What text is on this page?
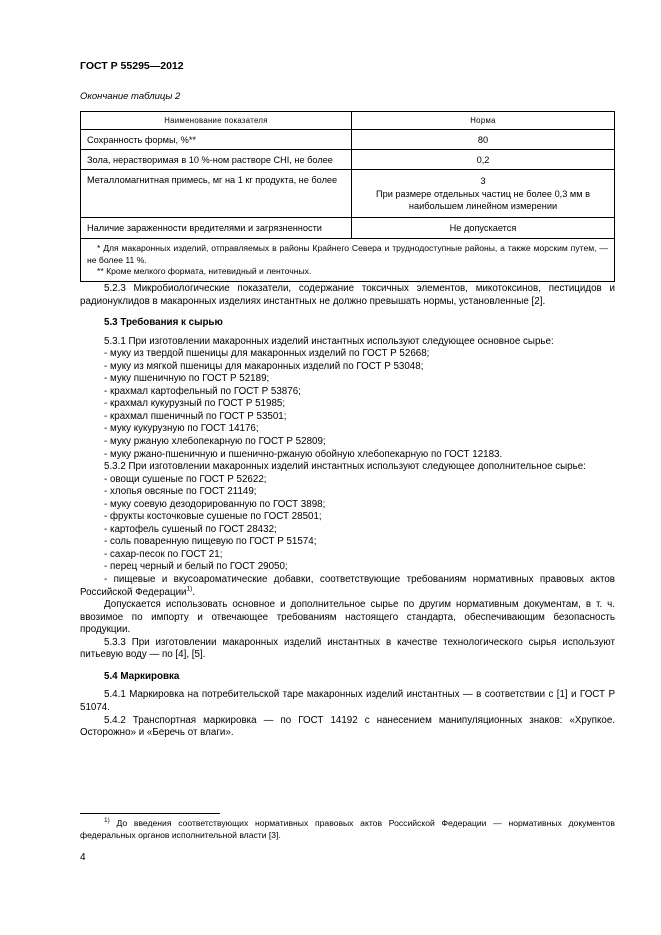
ГОСТ Р 55295—2012
Окончание таблицы 2
Наименование показателя	Норма
Сохранность формы, %**	80
Зола, нерастворимая в 10 %-ном растворе СНI, не более	0,2
Металломагнитная примесь, мг на 1 кг продукта, не более	3
При размере отдельных частиц не более 0,3 мм в наибольшем линейном измерении

Наличие зараженности вредителями и загрязненности	Не допускается

* Для макаронных изделий, отправляемых в районы Крайнего Севера и труднодоступные районы, а также морским путем, — не более 11 %.
** Кроме мелкого формата, нитевидный и ленточных.	

5.2.3 Микробиологические показатели, содержание токсичных элементов, микотоксинов, пестицидов и радионуклидов в макаронных изделиях инстантных не должно превышать нормы, установленные [2].

5.3 Требования к сырью

5.3.1 При изготовлении макаронных изделий инстантных используют следующее основное сырье:

- муку из твердой пшеницы для макаронных изделий по ГОСТ Р 52668;

- муку из мягкой пшеницы для макаронных изделий по ГОСТ Р 53048;

- муку пшеничную по ГОСТ Р 52189;

- крахмал картофельный по ГОСТ Р 53876;

- крахмал кукурузный по ГОСТ Р 51985;

- крахмал пшеничный по ГОСТ Р 53501;

- муку кукурузную по ГОСТ 14176;

- муку ржаную хлебопекарную по ГОСТ Р 52809;

- муку ржано-пшеничную и пшенично-ржаную обойную хлебопекарную по ГОСТ 12183.

5.3.2 При изготовлении макаронных изделий инстантных используют следующее дополнительное сырье:

- овощи сушеные по ГОСТ Р 52622;

- хлопья овсяные по ГОСТ 21149;

- муку соевую дезодорированную по ГОСТ 3898;

- фрукты косточковые сушеные по ГОСТ 28501;

- картофель сушеный по ГОСТ 28432;

- соль поваренную пищевую по ГОСТ Р 51574;

- сахар-песок по ГОСТ 21;

- перец черный и белый по ГОСТ 29050;

- пищевые и вкусоароматические добавки, соответствующие требованиям нормативных правовых актов Российской Федерации$^{1)}$.

Допускается использовать основное и дополнительное сырье по другим нормативным документам, в т. ч. ввозимое по импорту и отвечающее требованиям настоящего стандарта, обеспечивающим безопасность продукции.

5.3.3 При изготовлении макаронных изделий инстантных в качестве технологического сырья используют питьевую воду — по [4], [5].

5.4 Маркировка

5.4.1 Маркировка на потребительской таре макаронных изделий инстантных — в соответствии с [1] и ГОСТ Р 51074.

5.4.2 Транспортная маркировка — по ГОСТ 14192 с нанесением манипуляционных знаков: «Хрупкое. Осторожно» и «Беречь от влаги».

$^{1)}$ До введения соответствующих нормативных правовых актов Российской Федерации — нормативных документов федеральных органов исполнительной власти [3].
4
